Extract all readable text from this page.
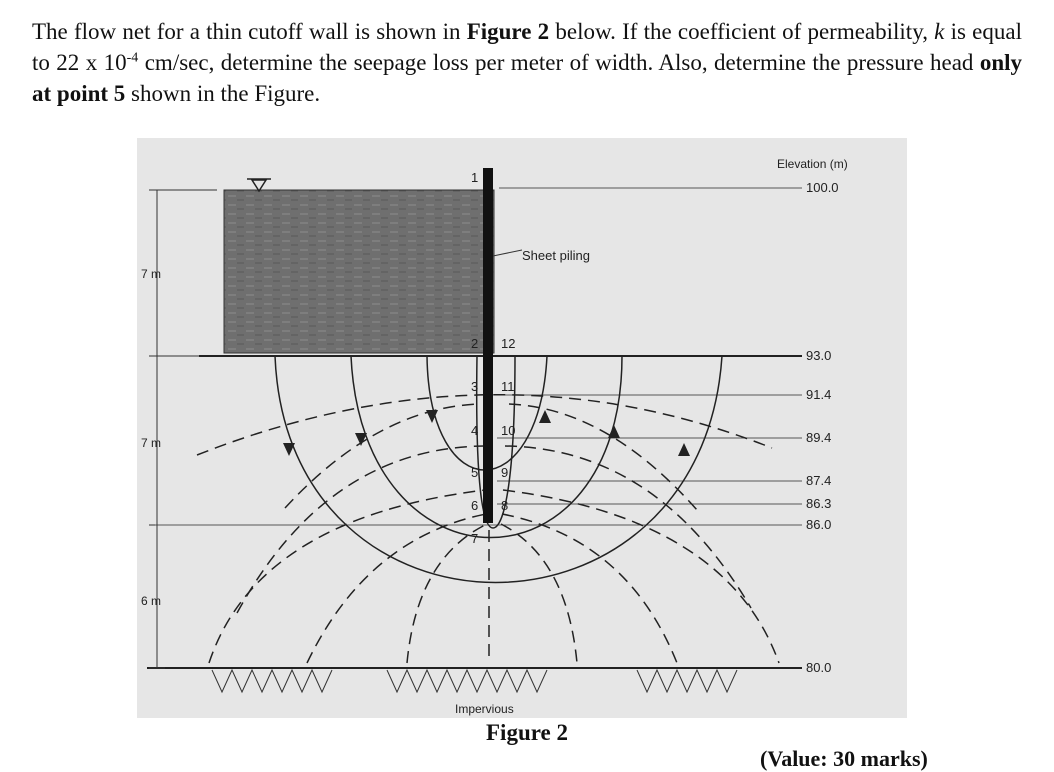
The flow net for a thin cutoff wall is shown in Figure 2 below. If the coefficient of permeability, k is equal to 22 x $10^{-4}$ cm/sec, determine the seepage loss per meter of width. Also, determine the pressure head only at point 5 shown in the Figure.

Sheet piling
1
2
3
4
5
6
7
12
11
10
9
8
Elevation (m)
100.0
93.0
91.4
89.4
87.4
86.3
86.0
80.0
7 m
7 m
6 m
Impervious
Figure 2
(Value: 30 marks)
